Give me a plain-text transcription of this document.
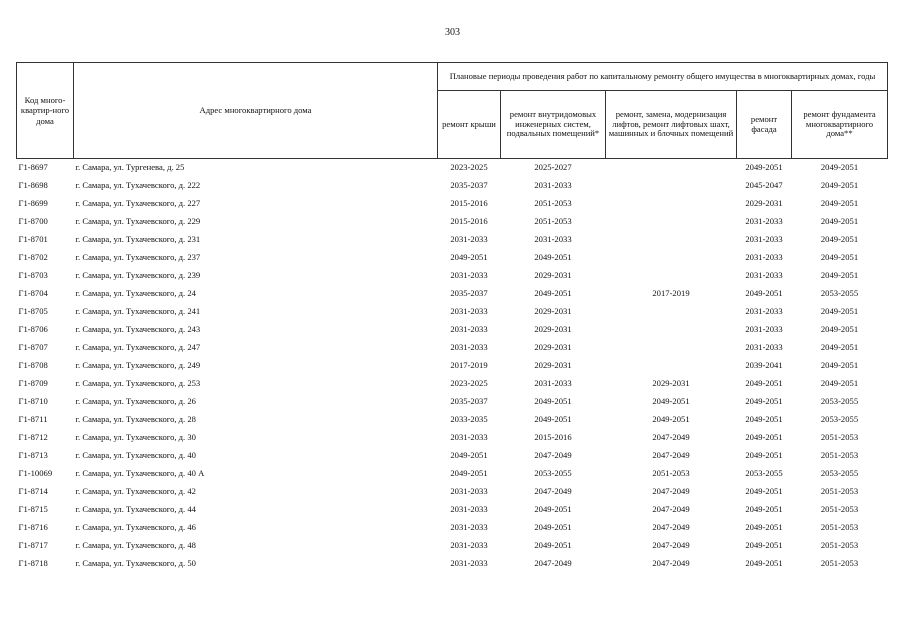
303
Код много-квартир-ного дома	Адрес многоквартирного дома	Плановые периоды проведения работ по капитальному ремонту общего имущества в многоквартирных домах, годы				
		ремонт крыши	ремонт внутридомовых инженерных систем, подвальных помещений*	ремонт, замена, модернизация лифтов, ремонт лифтовых шахт, машинных и блочных помещений	ремонт фасада	ремонт фундамента многоквартирного дома**
Г1-8697	г. Самара, ул. Тургенева, д. 25	2023-2025	2025-2027		2049-2051	2049-2051
Г1-8698	г. Самара, ул. Тухачевского, д. 222	2035-2037	2031-2033		2045-2047	2049-2051
Г1-8699	г. Самара, ул. Тухачевского, д. 227	2015-2016	2051-2053		2029-2031	2049-2051
Г1-8700	г. Самара, ул. Тухачевского, д. 229	2015-2016	2051-2053		2031-2033	2049-2051
Г1-8701	г. Самара, ул. Тухачевского, д. 231	2031-2033	2031-2033		2031-2033	2049-2051
Г1-8702	г. Самара, ул. Тухачевского, д. 237	2049-2051	2049-2051		2031-2033	2049-2051
Г1-8703	г. Самара, ул. Тухачевского, д. 239	2031-2033	2029-2031		2031-2033	2049-2051
Г1-8704	г. Самара, ул. Тухачевского, д. 24	2035-2037	2049-2051	2017-2019	2049-2051	2053-2055
Г1-8705	г. Самара, ул. Тухачевского, д. 241	2031-2033	2029-2031		2031-2033	2049-2051
Г1-8706	г. Самара, ул. Тухачевского, д. 243	2031-2033	2029-2031		2031-2033	2049-2051
Г1-8707	г. Самара, ул. Тухачевского, д. 247	2031-2033	2029-2031		2031-2033	2049-2051
Г1-8708	г. Самара, ул. Тухачевского, д. 249	2017-2019	2029-2031		2039-2041	2049-2051
Г1-8709	г. Самара, ул. Тухачевского, д. 253	2023-2025	2031-2033	2029-2031	2049-2051	2049-2051
Г1-8710	г. Самара, ул. Тухачевского, д. 26	2035-2037	2049-2051	2049-2051	2049-2051	2053-2055
Г1-8711	г. Самара, ул. Тухачевского, д. 28	2033-2035	2049-2051	2049-2051	2049-2051	2053-2055
Г1-8712	г. Самара, ул. Тухачевского, д. 30	2031-2033	2015-2016	2047-2049	2049-2051	2051-2053
Г1-8713	г. Самара, ул. Тухачевского, д. 40	2049-2051	2047-2049	2047-2049	2049-2051	2051-2053
Г1-10069	г. Самара, ул. Тухачевского, д. 40 А	2049-2051	2053-2055	2051-2053	2053-2055	2053-2055
Г1-8714	г. Самара, ул. Тухачевского, д. 42	2031-2033	2047-2049	2047-2049	2049-2051	2051-2053
Г1-8715	г. Самара, ул. Тухачевского, д. 44	2031-2033	2049-2051	2047-2049	2049-2051	2051-2053
Г1-8716	г. Самара, ул. Тухачевского, д. 46	2031-2033	2049-2051	2047-2049	2049-2051	2051-2053
Г1-8717	г. Самара, ул. Тухачевского, д. 48	2031-2033	2049-2051	2047-2049	2049-2051	2051-2053
Г1-8718	г. Самара, ул. Тухачевского, д. 50	2031-2033	2047-2049	2047-2049	2049-2051	2051-2053
